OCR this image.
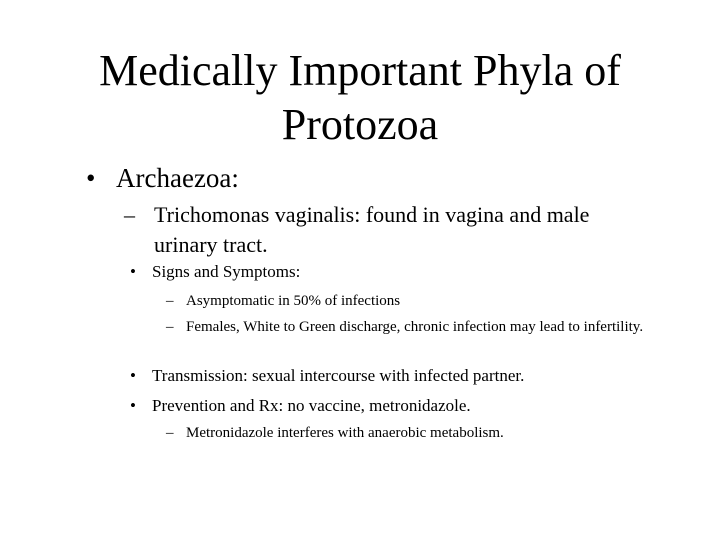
Medically Important Phyla of
Protozoa
• Archaezoa:
– Trichomonas vaginalis: found in vagina and male urinary tract.
• Signs and Symptoms:
– Asymptomatic in 50% of infections
– Females, White to Green discharge, chronic infection may lead to infertility.
• Transmission: sexual intercourse with infected partner.
• Prevention and Rx: no vaccine, metronidazole.
– Metronidazole interferes with anaerobic metabolism.
